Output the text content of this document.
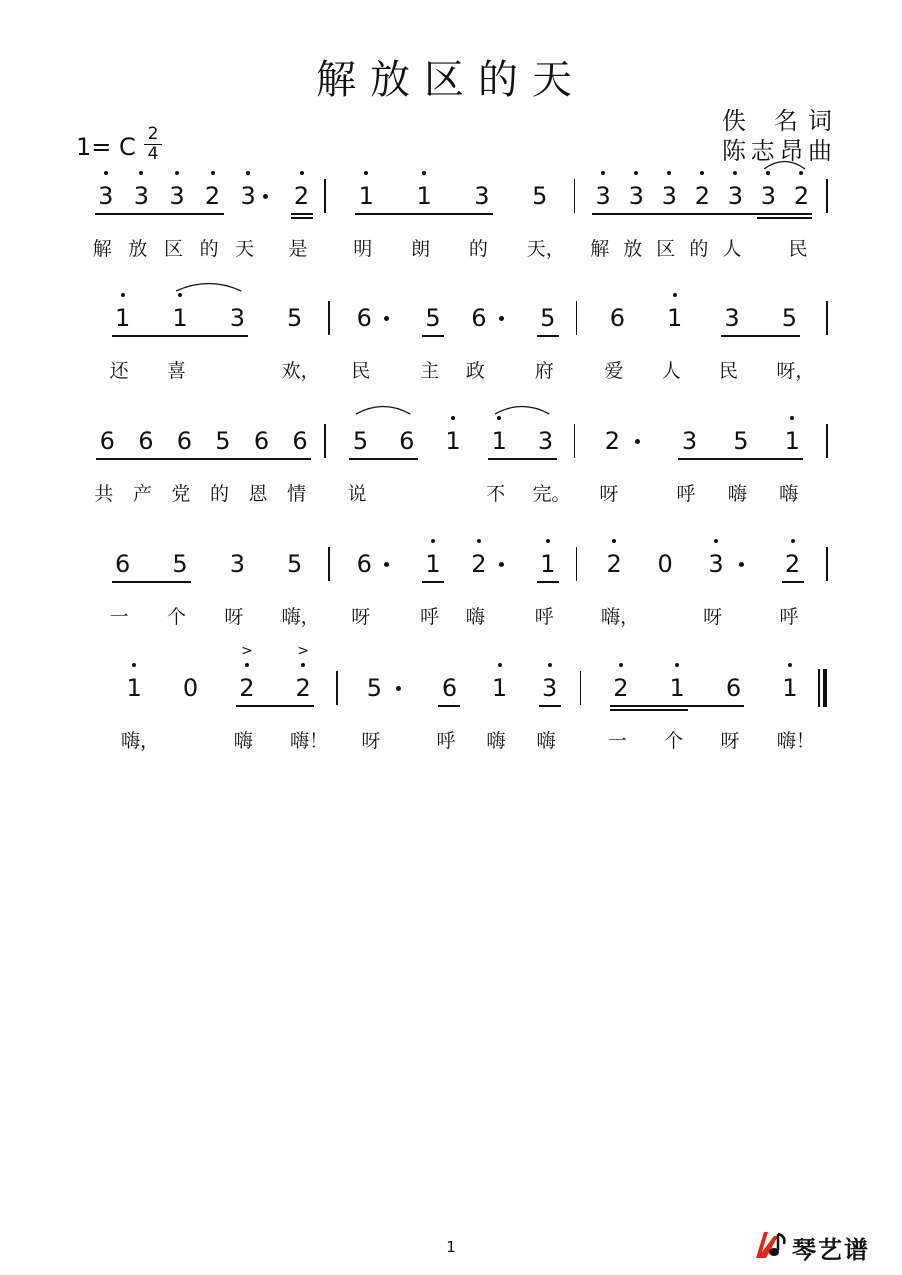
解放区的天
佚 名词
陈志昂曲
1= C $\frac{2}{4}$
3
解
3
放
3
区
2
的
3
天
2
是
1
明
1
朗
3
的
5
天，
3
解
3
放
3
区
2
的
3
人
3 2
民
1
还
1
喜
3 5
欢，
6
民
5
主
6
政
5
府
6
爱
1
人
3
民
5
呀，
6
共
6
产
6
党
5
的
6
恩
6
情
5
说
6 1 1
不
3
完。
2
呀
3
呼
5
嗨
1
嗨
6
一
5
个
3
呀
5
嗨，
6
呀
1
呼
2
嗨
1
呼
2
嗨，
0 3
呀
2
呼
1
嗨，
0 2
>
嗨
2
>
嗨！
5
呀
6
呼
1
嗨
3
嗨
2
一
1
个
6
呀
1
嗨！
1	琴艺谱
